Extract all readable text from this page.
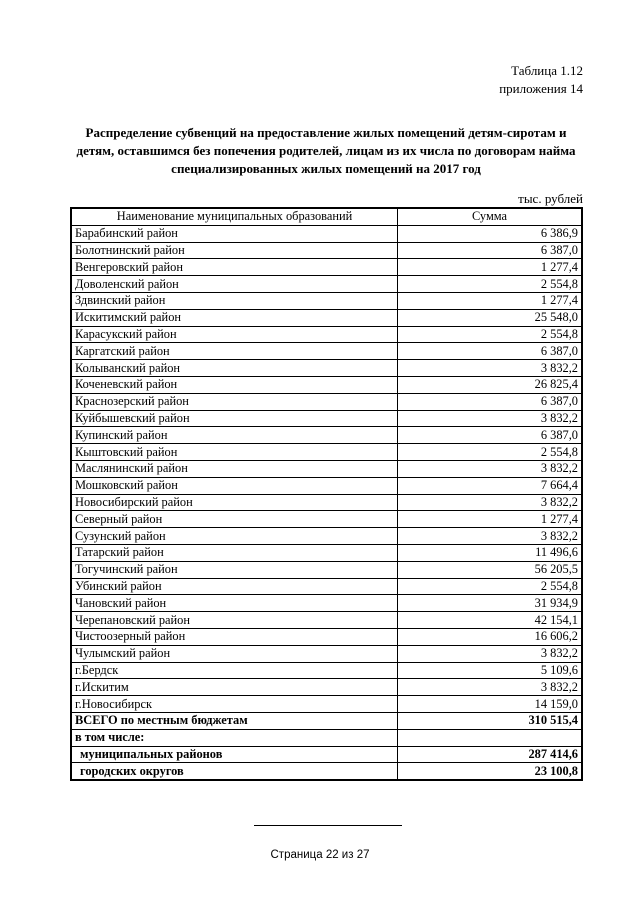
Таблица 1.12
приложения 14
Распределение субвенций на предоставление жилых помещений детям-сиротам и детям, оставшимся без попечения родителей, лицам из их числа по договорам найма специализированных жилых помещений на 2017 год
тыс. рублей
Наименование муниципальных образований	Сумма
Барабинский район	6 386,9
Болотнинский район	6 387,0
Венгеровский район	1 277,4
Доволенский район	2 554,8
Здвинский район	1 277,4
Искитимский район	25 548,0
Карасукский район	2 554,8
Каргатский район	6 387,0
Колыванский район	3 832,2
Коченевский район	26 825,4
Краснозерский район	6 387,0
Куйбышевский район	3 832,2
Купинский район	6 387,0
Кыштовский район	2 554,8
Маслянинский район	3 832,2
Мошковский район	7 664,4
Новосибирский район	3 832,2
Северный район	1 277,4
Сузунский район	3 832,2
Татарский район	11 496,6
Тогучинский район	56 205,5
Убинский район	2 554,8
Чановский район	31 934,9
Черепановский район	42 154,1
Чистоозерный район	16 606,2
Чулымский район	3 832,2
г.Бердск	5 109,6
г.Искитим	3 832,2
г.Новосибирск	14 159,0
ВСЕГО по местным бюджетам	310 515,4
в том числе:	
муниципальных районов	287 414,6
городских округов	23 100,8
Страница 22 из 27
